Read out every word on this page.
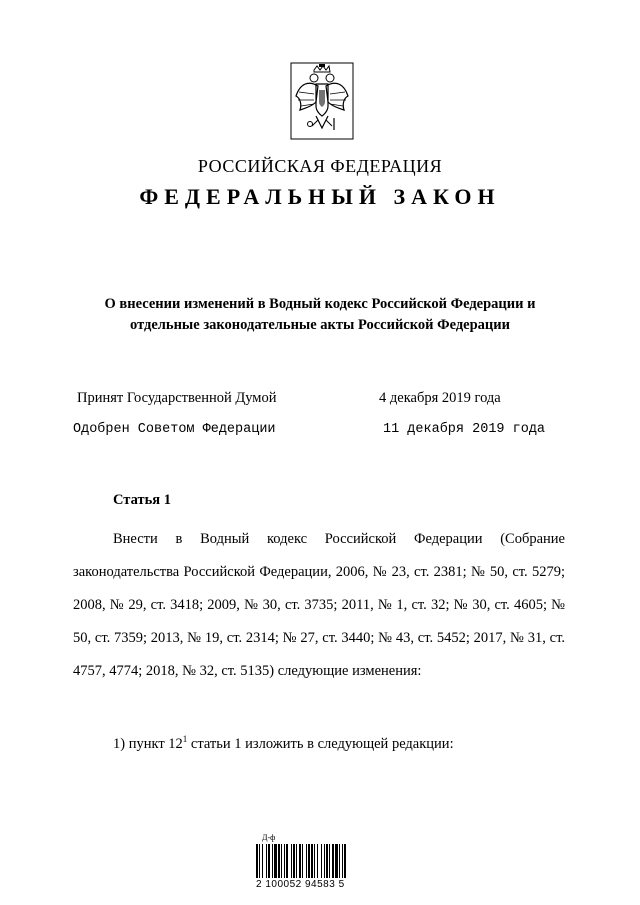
РОССИЙСКАЯ ФЕДЕРАЦИЯ
ФЕДЕРАЛЬНЫЙ ЗАКОН
О внесении изменений в Водный кодекс Российской Федерации и
отдельные законодательные акты Российской Федерации
Принят Государственной Думой	4 декабря 2019 года
Одобрен Советом Федерации	11 декабря 2019 года
Статья 1

Внести в Водный кодекс Российской Федерации (Собрание законодательства Российской Федерации, 2006, № 23, ст. 2381; № 50, ст. 5279; 2008, № 29, ст. 3418; 2009, № 30, ст. 3735; 2011, № 1, ст. 32; № 30, ст. 4605; № 50, ст. 7359; 2013, № 19, ст. 2314; № 27, ст. 3440; № 43, ст. 5452; 2017, № 31, ст. 4757, 4774; 2018, № 32, ст. 5135) следующие изменения:

1) пункт $12^1$ статьи 1 изложить в следующей редакции:
Д-ф
2 100052 94583 5
